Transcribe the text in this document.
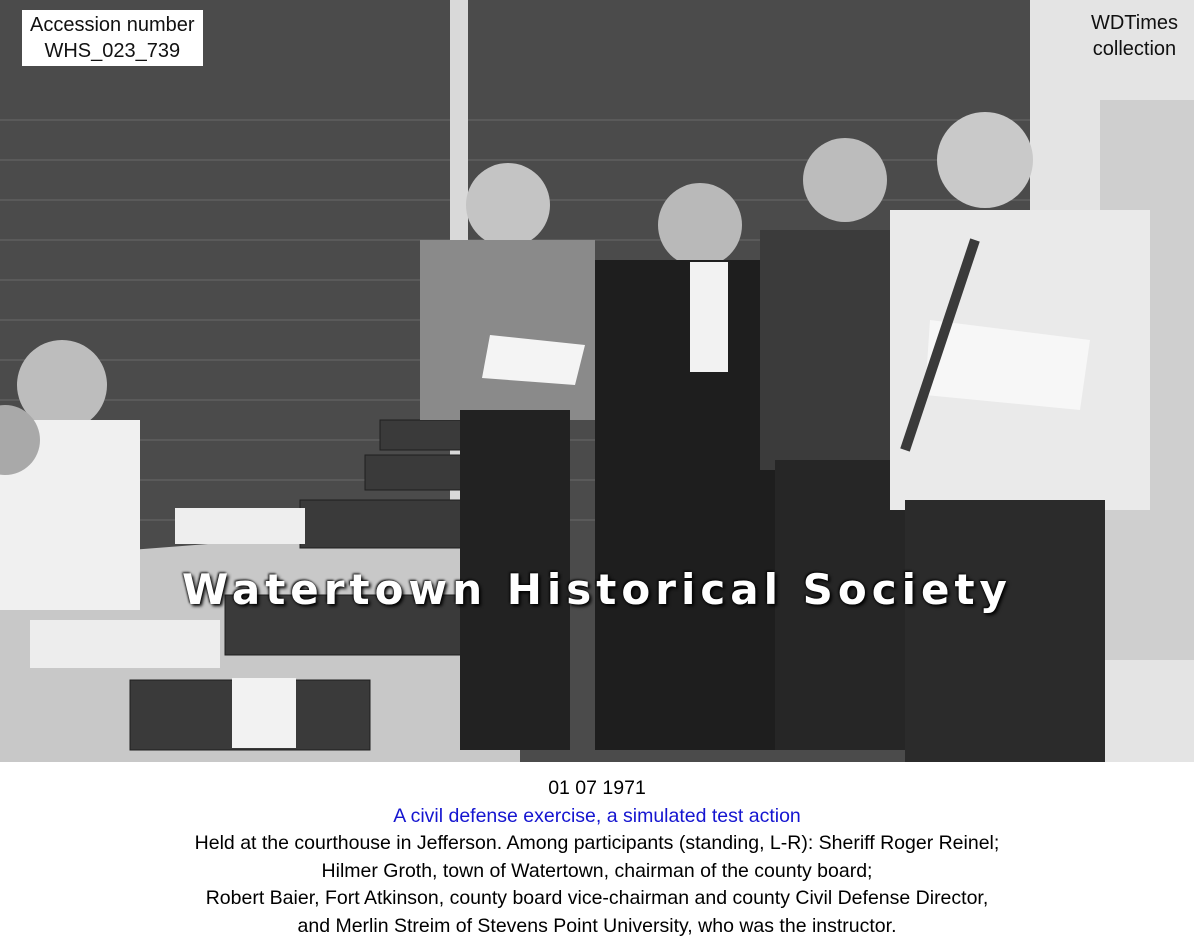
Accession number
WHS_023_739
WDTimes
collection
Watertown Historical Society
01 07 1971
A civil defense exercise, a simulated test action
Held at the courthouse in Jefferson. Among participants (standing, L-R): Sheriff Roger Reinel;
Hilmer Groth, town of Watertown, chairman of the county board;
Robert Baier, Fort Atkinson, county board vice-chairman and county Civil Defense Director,
and Merlin Streim of Stevens Point University, who was the instructor.
